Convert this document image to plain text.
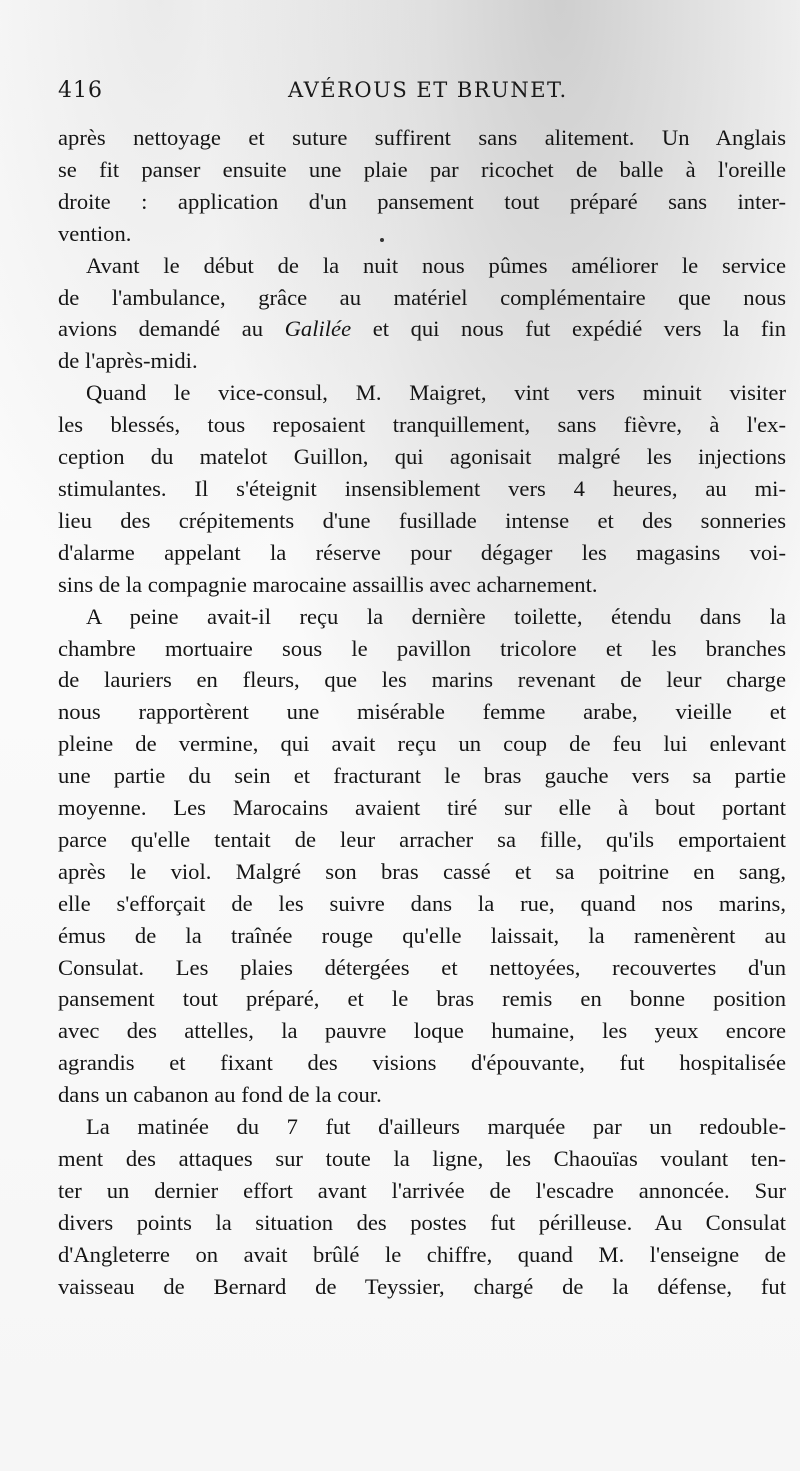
416	AVÉROUS ET BRUNET.

après nettoyage et suture suffirent sans alitement. Un Anglais
se fit panser ensuite une plaie par ricochet de balle à l'oreille
droite : application d'un pansement tout préparé sans inter-
vention.

Avant le début de la nuit nous pûmes améliorer le service
de l'ambulance, grâce au matériel complémentaire que nous
avions demandé au Galilée et qui nous fut expédié vers la fin
de l'après-midi.

Quand le vice-consul, M. Maigret, vint vers minuit visiter
les blessés, tous reposaient tranquillement, sans fièvre, à l'ex-
ception du matelot Guillon, qui agonisait malgré les injections
stimulantes. Il s'éteignit insensiblement vers 4 heures, au mi-
lieu des crépitements d'une fusillade intense et des sonneries
d'alarme appelant la réserve pour dégager les magasins voi-
sins de la compagnie marocaine assaillis avec acharnement.

A peine avait-il reçu la dernière toilette, étendu dans la
chambre mortuaire sous le pavillon tricolore et les branches
de lauriers en fleurs, que les marins revenant de leur charge
nous rapportèrent une misérable femme arabe, vieille et
pleine de vermine, qui avait reçu un coup de feu lui enlevant
une partie du sein et fracturant le bras gauche vers sa partie
moyenne. Les Marocains avaient tiré sur elle à bout portant
parce qu'elle tentait de leur arracher sa fille, qu'ils emportaient
après le viol. Malgré son bras cassé et sa poitrine en sang,
elle s'efforçait de les suivre dans la rue, quand nos marins,
émus de la traînée rouge qu'elle laissait, la ramenèrent au
Consulat. Les plaies détergées et nettoyées, recouvertes d'un
pansement tout préparé, et le bras remis en bonne position
avec des attelles, la pauvre loque humaine, les yeux encore
agrandis et fixant des visions d'épouvante, fut hospitalisée
dans un cabanon au fond de la cour.

La matinée du 7 fut d'ailleurs marquée par un redouble-
ment des attaques sur toute la ligne, les Chaouïas voulant ten-
ter un dernier effort avant l'arrivée de l'escadre annoncée. Sur
divers points la situation des postes fut périlleuse. Au Consulat
d'Angleterre on avait brûlé le chiffre, quand M. l'enseigne de
vaisseau de Bernard de Teyssier, chargé de la défense, fut
